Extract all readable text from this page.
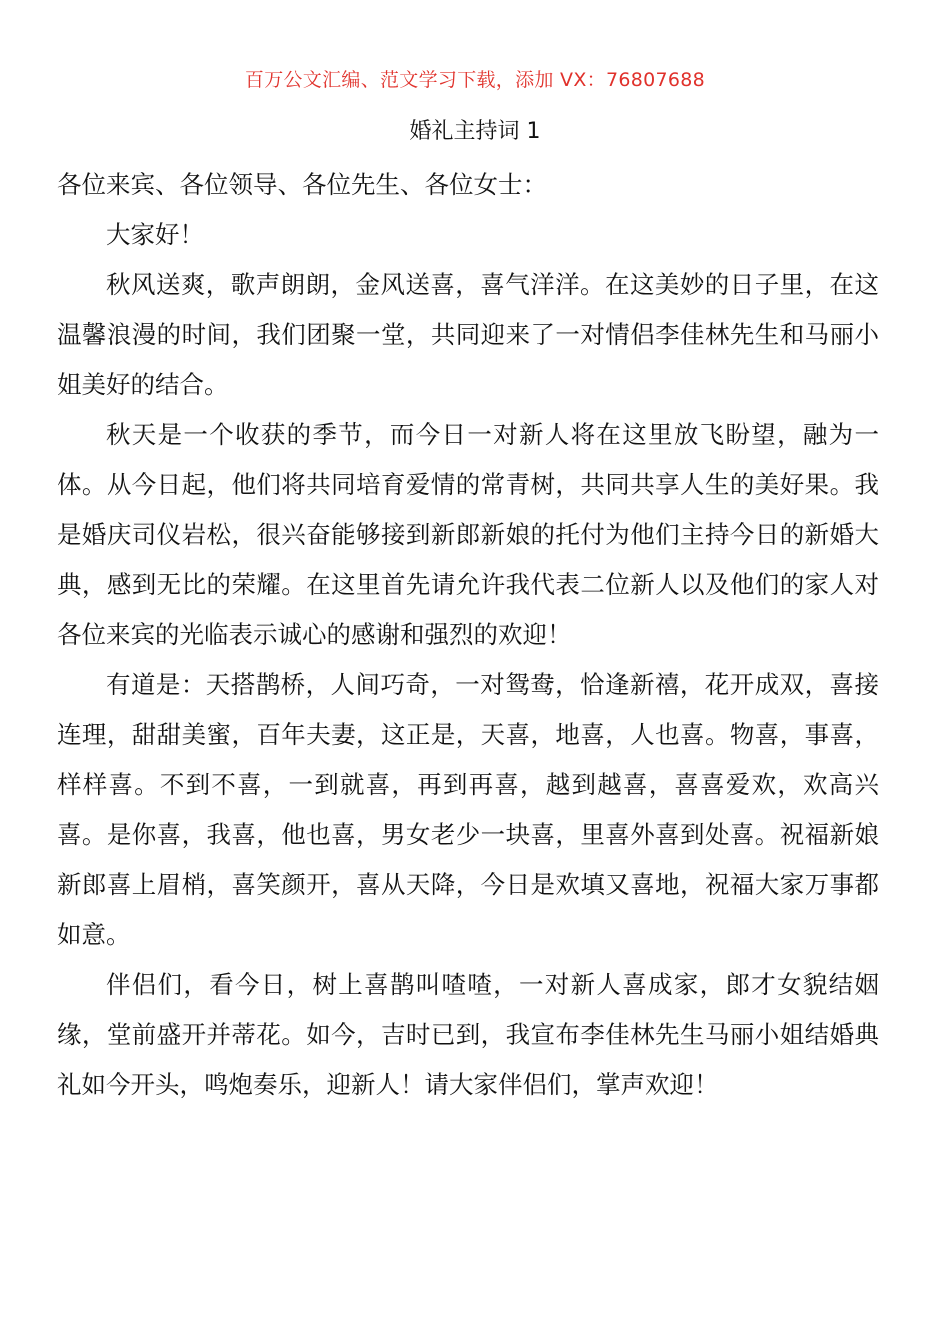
百万公文汇编、范文学习下载，添加 VX：76807688
婚礼主持词 1

各位来宾、各位领导、各位先生、各位女士：

大家好！

秋风送爽，歌声朗朗，金风送喜，喜气洋洋。在这美妙的日子里，在这温馨浪漫的时间，我们团聚一堂，共同迎来了一对情侣李佳林先生和马丽小姐美好的结合。

秋天是一个收获的季节，而今日一对新人将在这里放飞盼望，融为一体。从今日起，他们将共同培育爱情的常青树，共同共享人生的美好果。我是婚庆司仪岩松，很兴奋能够接到新郎新娘的托付为他们主持今日的新婚大典，感到无比的荣耀。在这里首先请允许我代表二位新人以及他们的家人对各位来宾的光临表示诚心的感谢和强烈的欢迎！

有道是：天搭鹊桥，人间巧奇，一对鸳鸯，恰逢新禧，花开成双，喜接连理，甜甜美蜜，百年夫妻，这正是，天喜，地喜，人也喜。物喜，事喜，样样喜。不到不喜，一到就喜，再到再喜，越到越喜，喜喜爱欢，欢高兴喜。是你喜，我喜，他也喜，男女老少一块喜，里喜外喜到处喜。祝福新娘新郎喜上眉梢，喜笑颜开，喜从天降，今日是欢填又喜地，祝福大家万事都如意。

伴侣们，看今日，树上喜鹊叫喳喳，一对新人喜成家，郎才女貌结姻缘，堂前盛开并蒂花。如今，吉时已到，我宣布李佳林先生马丽小姐结婚典礼如今开头，鸣炮奏乐，迎新人！请大家伴侣们，掌声欢迎！
